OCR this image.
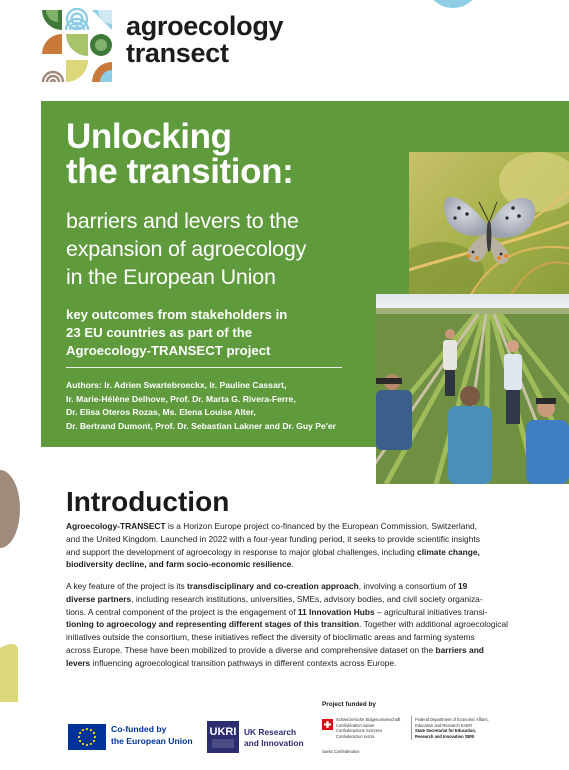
agroecology
transect
Unlocking
the transition:
barriers and levers to the
expansion of agroecology
in the European Union
key outcomes from stakeholders in
23 EU countries as part of the
Agroecology-TRANSECT project
Authors: Ir. Adrien Swartebroeckx, Ir. Pauline Cassart,
Ir. Marie-Hélène Delhove, Prof. Dr. Marta G. Rivera-Ferre,
Dr. Elisa Oteros Rozas, Ms. Elena Louise Alter,
Dr. Bertrand Dumont, Prof. Dr. Sebastian Lakner and Dr. Guy Pe'er
Introduction
Agroecology-TRANSECT is a Horizon Europe project co-financed by the European Commission, Switzerland,
and the United Kingdom. Launched in 2022 with a four-year funding period, it seeks to provide scientific insights
and support the development of agroecology in response to major global challenges, including climate change,
biodiversity decline, and farm socio-economic resilience.
A key feature of the project is its transdisciplinary and co-creation approach, involving a consortium of 19
diverse partners, including research institutions, universities, SMEs, advisory bodies, and civil society organiza-
tions. A central component of the project is the engagement of 11 Innovation Hubs – agricultural initiatives transi-
tioning to agroecology and representing different stages of this transition. Together with additional agroecological
initiatives outside the consortium, these initiatives reflect the diversity of bioclimatic areas and farming systems
across Europe. These have been mobilized to provide a diverse and comprehensive dataset on the barriers and
levers influencing agroecological transition pathways in different contexts across Europe.
Co-funded by
the European Union
UKRI UK Research
and Innovation
Project funded by
Schweizerische Eidgenossenschaft
Confédération suisse
Confederazione Svizzera
Confederaziun svizra
Swiss Confederation
Federal Department of Economic Affairs,
Education and Research EAER
State Secretariat for Education,
Research and Innovation SERI
